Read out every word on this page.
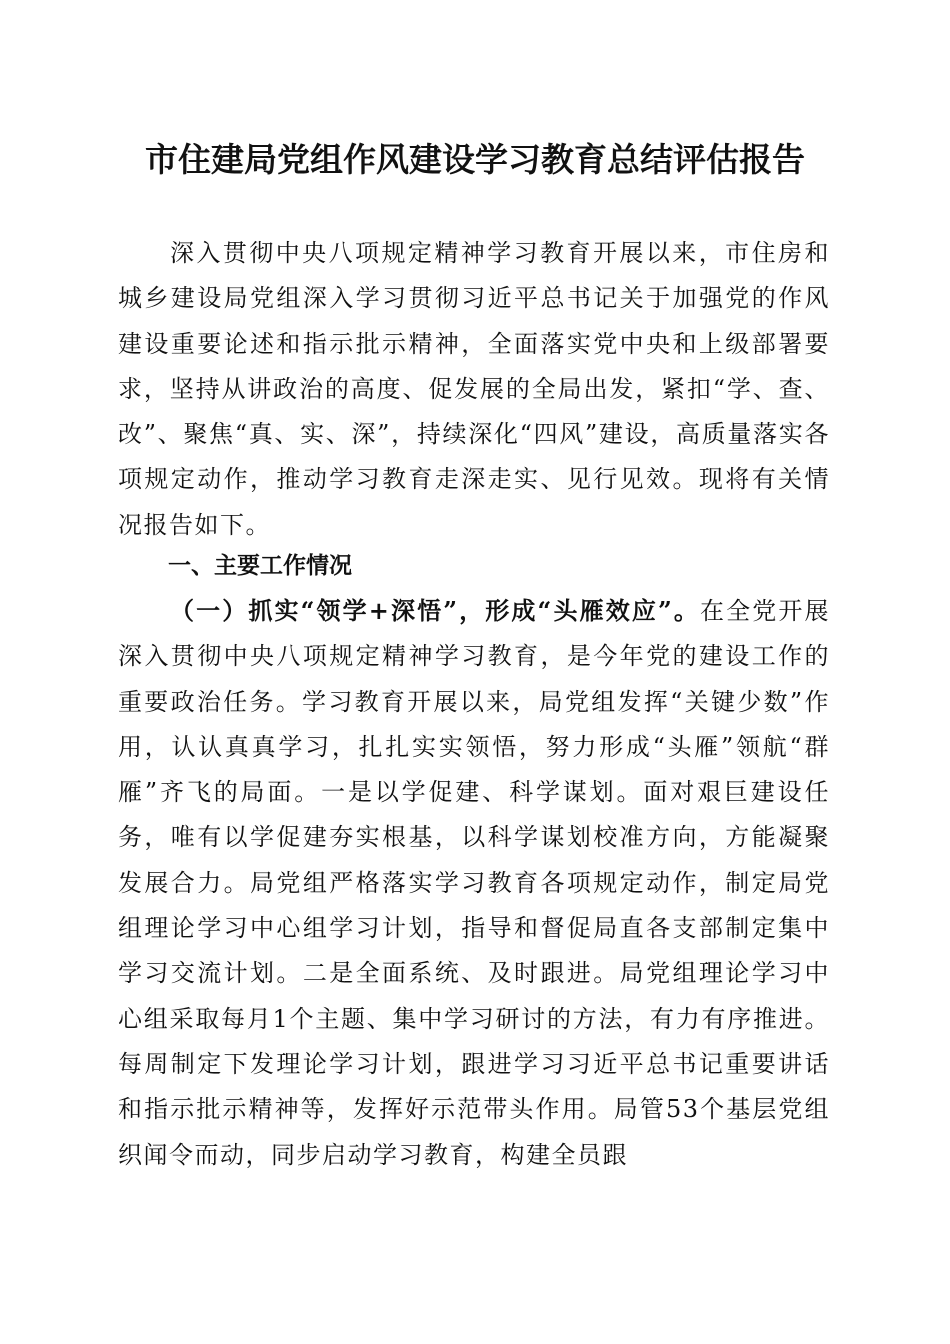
市住建局党组作风建设学习教育总结评估报告

深入贯彻中央八项规定精神学习教育开展以来，市住房和城乡建设局党组深入学习贯彻习近平总书记关于加强党的作风建设重要论述和指示批示精神，全面落实党中央和上级部署要求，坚持从讲政治的高度、促发展的全局出发，紧扣“学、查、改”、聚焦“真、实、深”，持续深化“四风”建设，高质量落实各项规定动作，推动学习教育走深走实、见行见效。现将有关情况报告如下。

一、主要工作情况

（一）抓实“领学+深悟”，形成“头雁效应”。在全党开展深入贯彻中央八项规定精神学习教育，是今年党的建设工作的重要政治任务。学习教育开展以来，局党组发挥“关键少数”作用，认认真真学习，扎扎实实领悟，努力形成“头雁”领航“群雁”齐飞的局面。一是以学促建、科学谋划。面对艰巨建设任务，唯有以学促建夯实根基，以科学谋划校准方向，方能凝聚发展合力。局党组严格落实学习教育各项规定动作，制定局党组理论学习中心组学习计划，指导和督促局直各支部制定集中学习交流计划。二是全面系统、及时跟进。局党组理论学习中心组采取每月1个主题、集中学习研讨的方法，有力有序推进。每周制定下发理论学习计划，跟进学习习近平总书记重要讲话和指示批示精神等，发挥好示范带头作用。局管53个基层党组织闻令而动，同步启动学习教育，构建全员跟
